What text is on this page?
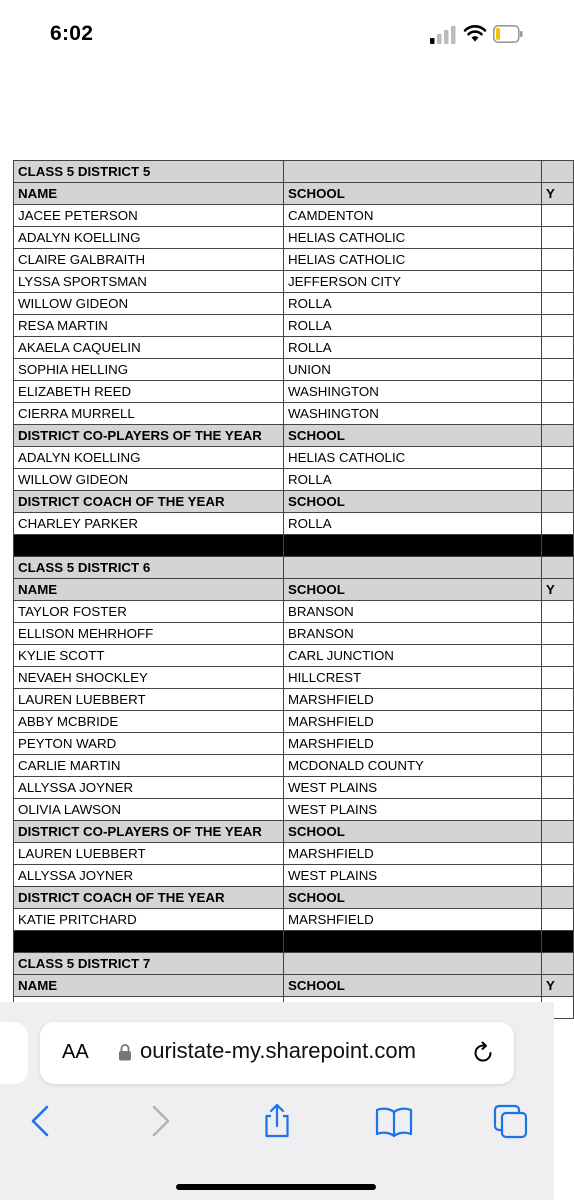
6:02
CLASS 5 DISTRICT 5		
NAME	SCHOOL	Y
JACEE PETERSON	CAMDENTON	
ADALYN KOELLING	HELIAS CATHOLIC	
CLAIRE GALBRAITH	HELIAS CATHOLIC	
LYSSA SPORTSMAN	JEFFERSON CITY	
WILLOW GIDEON	ROLLA	
RESA MARTIN	ROLLA	
AKAELA CAQUELIN	ROLLA	
SOPHIA HELLING	UNION	
ELIZABETH REED	WASHINGTON	
CIERRA MURRELL	WASHINGTON	
DISTRICT CO-PLAYERS OF THE YEAR	SCHOOL	
ADALYN KOELLING	HELIAS CATHOLIC	
WILLOW GIDEON	ROLLA	
DISTRICT COACH OF THE YEAR	SCHOOL	
CHARLEY PARKER	ROLLA	

CLASS 5 DISTRICT 6		
NAME	SCHOOL	Y
TAYLOR FOSTER	BRANSON	
ELLISON MEHRHOFF	BRANSON	
KYLIE SCOTT	CARL JUNCTION	
NEVAEH SHOCKLEY	HILLCREST	
LAUREN LUEBBERT	MARSHFIELD	
ABBY MCBRIDE	MARSHFIELD	
PEYTON WARD	MARSHFIELD	
CARLIE MARTIN	MCDONALD COUNTY	
ALLYSSA JOYNER	WEST PLAINS	
OLIVIA LAWSON	WEST PLAINS	
DISTRICT CO-PLAYERS OF THE YEAR	SCHOOL	
LAUREN LUEBBERT	MARSHFIELD	
ALLYSSA JOYNER	WEST PLAINS	
DISTRICT COACH OF THE YEAR	SCHOOL	
KATIE PRITCHARD	MARSHFIELD	

CLASS 5 DISTRICT 7		
NAME	SCHOOL	Y

AA ouristate-my.sharepoint.com
